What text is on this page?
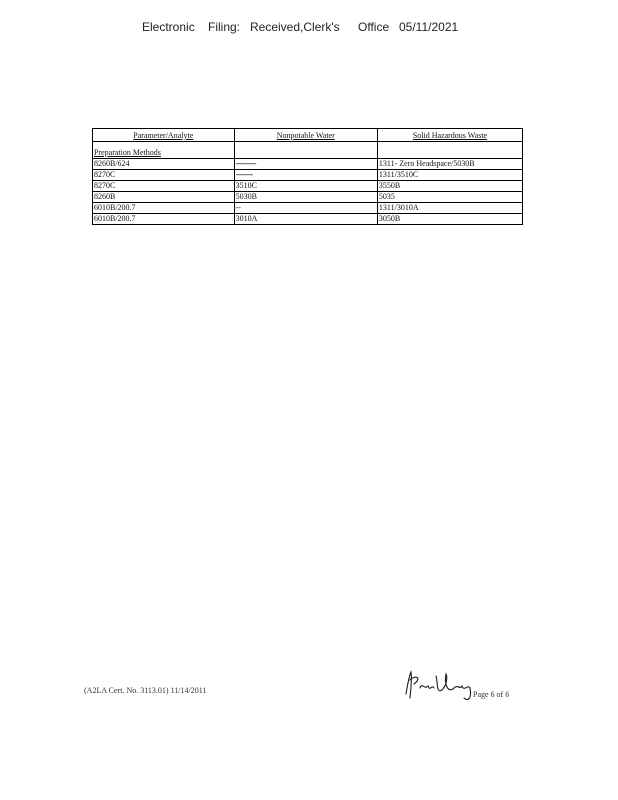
Electronic Filing: Received,Clerk's Office 05/11/2021
Parameter/Analyte	Nonpotable Water	Solid Hazardous Waste
Preparation Methods		
8260B/624	------------	1311- Zero Headspace/5030B
8270C	----------	1311/3510C
8270C	3510C	3550B
8260B	5030B	5035
6010B/200.7	--	1311/3010A
6010B/200.7	3010A	3050B
(A2LA Cert. No. 3113.01) 11/14/2011	Page 6 of 6
